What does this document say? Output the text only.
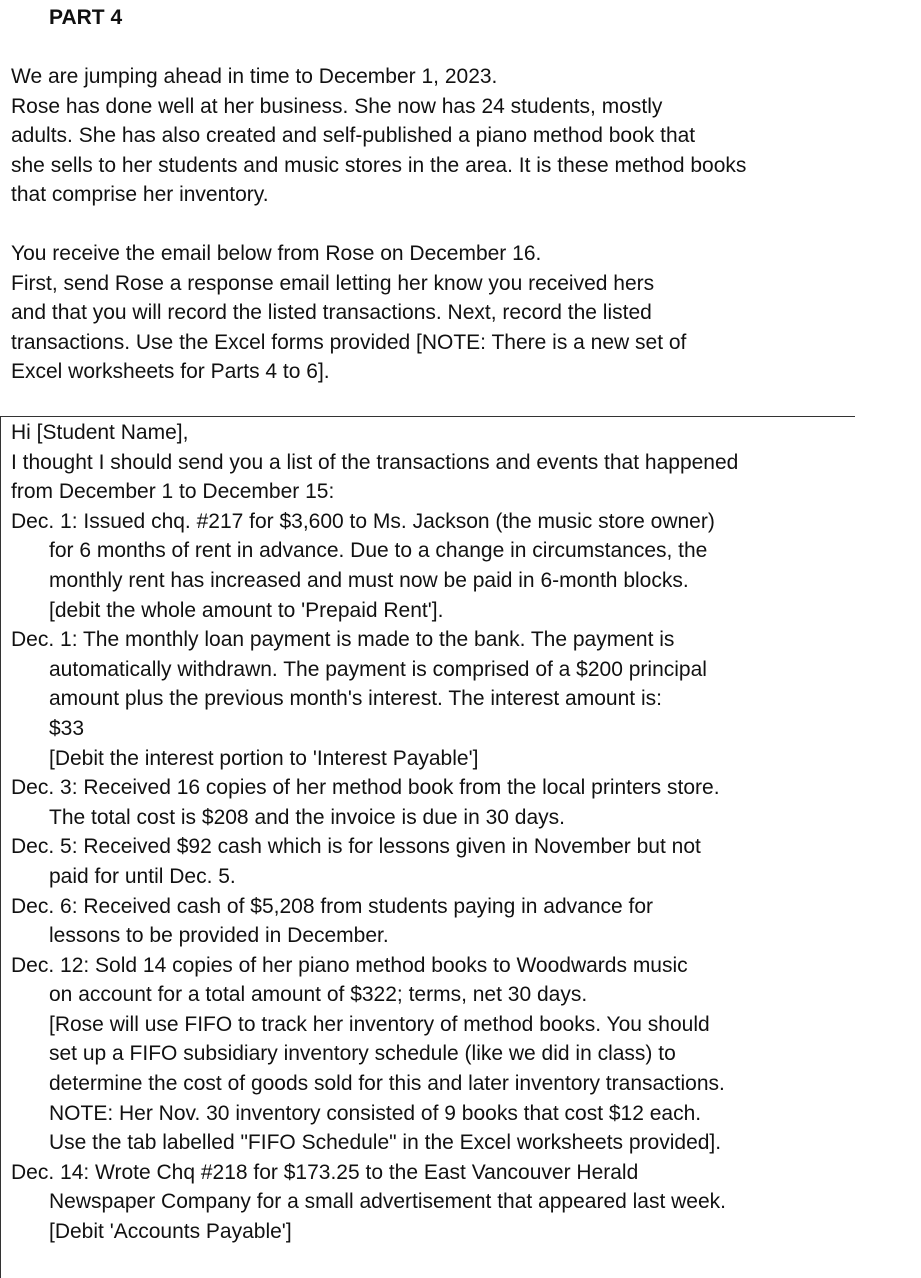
PART 4
We are jumping ahead in time to December 1, 2023.
Rose has done well at her business. She now has 24 students, mostly
adults. She has also created and self-published a piano method book that
she sells to her students and music stores in the area. It is these method books
that comprise her inventory.
You receive the email below from Rose on December 16.
First, send Rose a response email letting her know you received hers
and that you will record the listed transactions. Next, record the listed
transactions. Use the Excel forms provided [NOTE: There is a new set of
Excel worksheets for Parts 4 to 6].
Hi [Student Name],
I thought I should send you a list of the transactions and events that happened
from December 1 to December 15:
Dec. 1: Issued chq. #217 for $3,600 to Ms. Jackson (the music store owner)
for 6 months of rent in advance. Due to a change in circumstances, the
monthly rent has increased and must now be paid in 6-month blocks.
[debit the whole amount to 'Prepaid Rent'].
Dec. 1: The monthly loan payment is made to the bank. The payment is
automatically withdrawn. The payment is comprised of a $200 principal
amount plus the previous month's interest. The interest amount is:
$33
[Debit the interest portion to 'Interest Payable']
Dec. 3: Received 16 copies of her method book from the local printers store.
The total cost is $208 and the invoice is due in 30 days.
Dec. 5: Received $92 cash which is for lessons given in November but not
paid for until Dec. 5.
Dec. 6: Received cash of $5,208 from students paying in advance for
lessons to be provided in December.
Dec. 12: Sold 14 copies of her piano method books to Woodwards music
on account for a total amount of $322; terms, net 30 days.
[Rose will use FIFO to track her inventory of method books. You should
set up a FIFO subsidiary inventory schedule (like we did in class) to
determine the cost of goods sold for this and later inventory transactions.
NOTE: Her Nov. 30 inventory consisted of 9 books that cost $12 each.
Use the tab labelled "FIFO Schedule" in the Excel worksheets provided].
Dec. 14: Wrote Chq #218 for $173.25 to the East Vancouver Herald
Newspaper Company for a small advertisement that appeared last week.
[Debit 'Accounts Payable']
